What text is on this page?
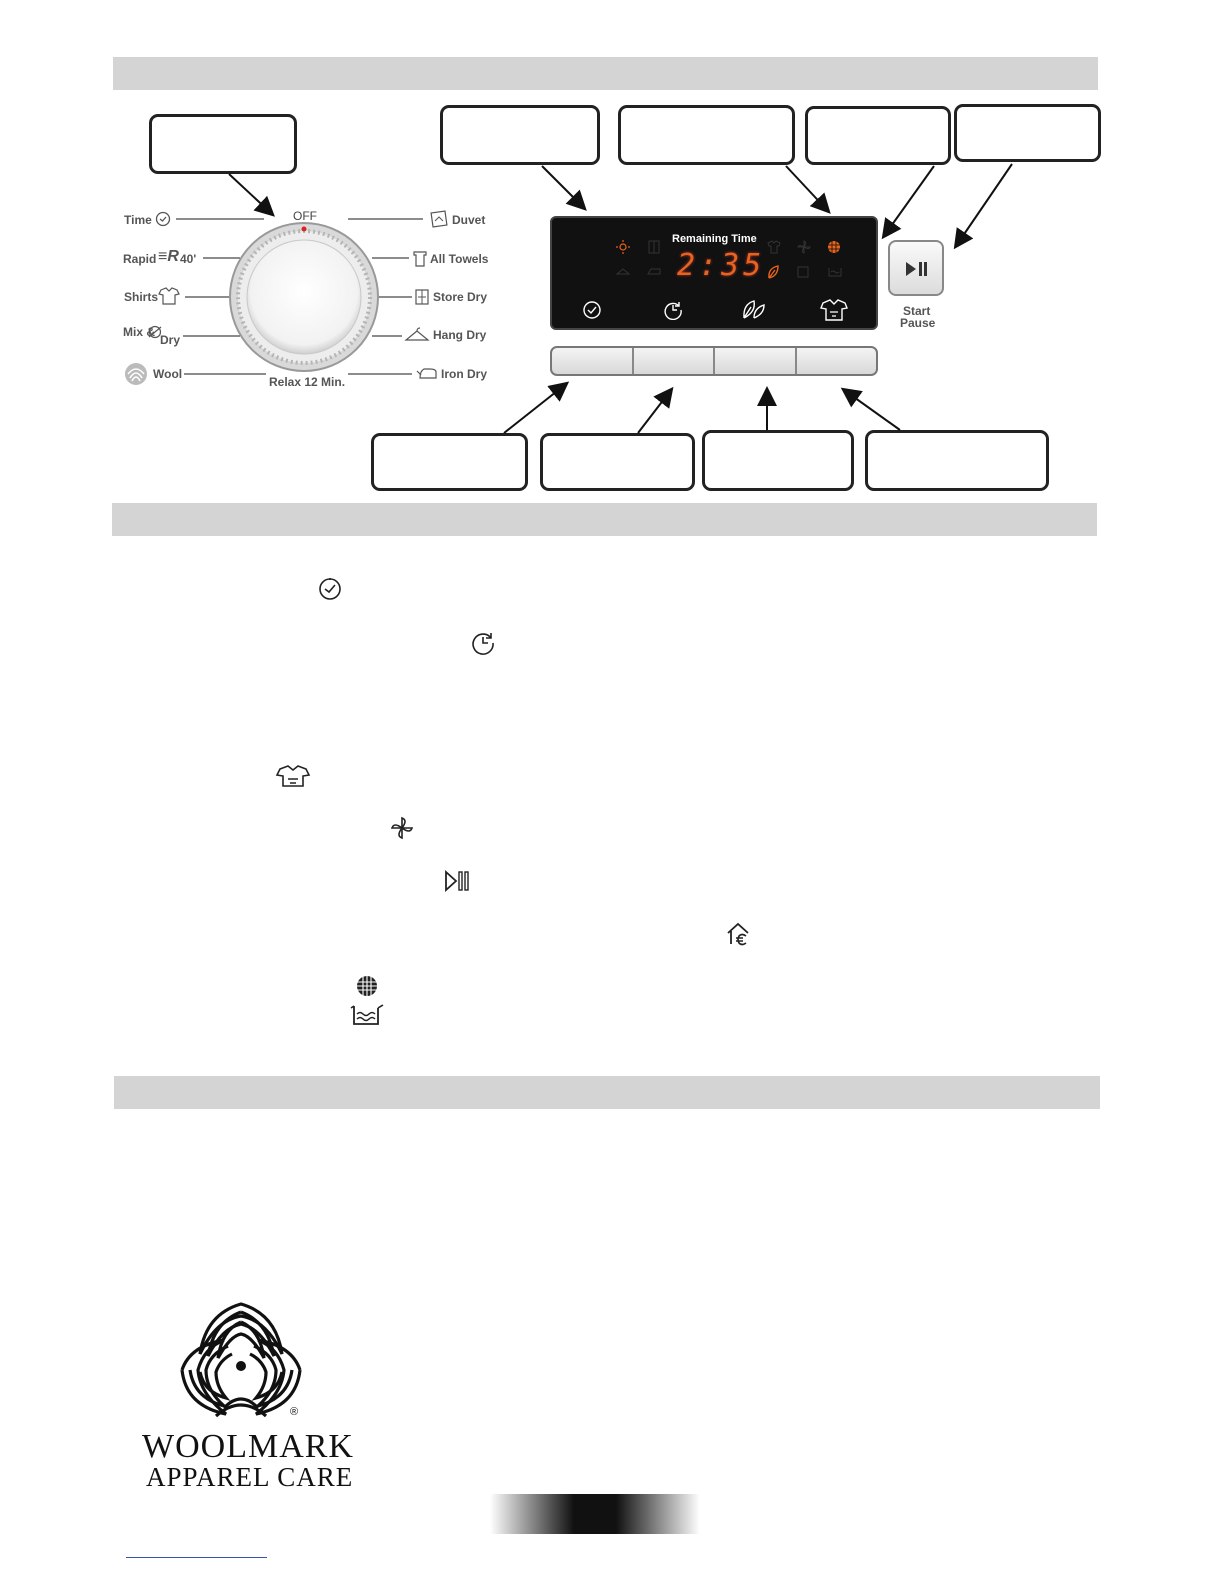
OFF
Relax 12 Min.
Time
Rapid ≡R 40'
Shirts
Mix &
Dry
Wool
Duvet
All Towels
Store Dry
Hang Dry
Iron Dry
Remaining Time
2:35
Start
Pause
®
WOOLMARK
APPAREL CARE
